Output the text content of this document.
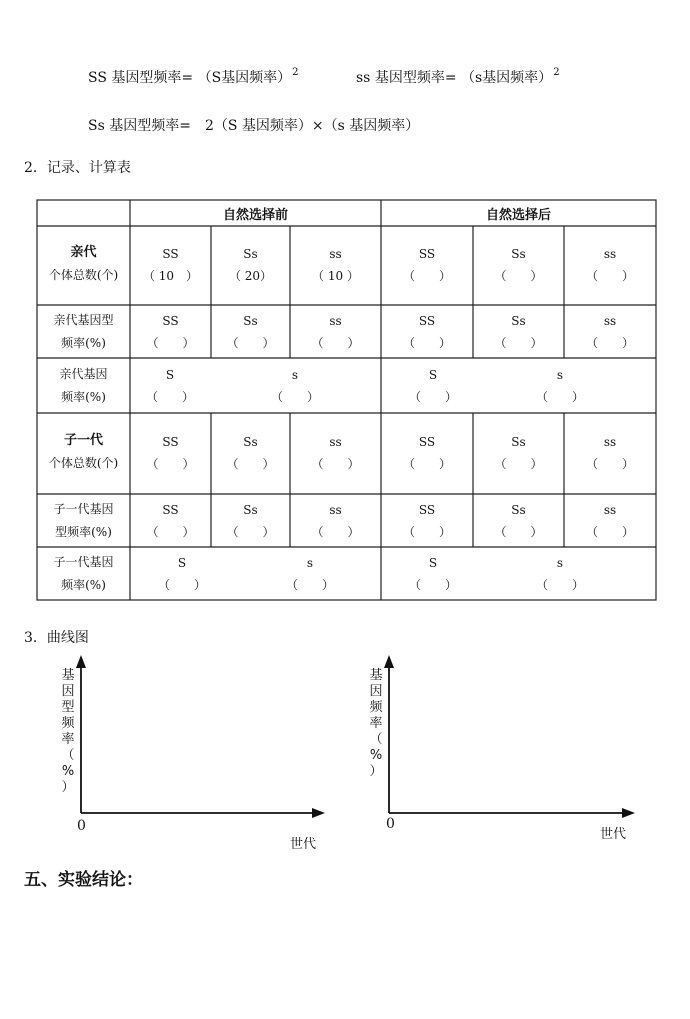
SS 基因型频率= （S基因频率）$^2$	ss 基因型频率= （s基因频率）$^2$
Ss 基因型频率=　2（S 基因频率）×（s 基因频率）
2．记录、计算表
自然选择前	自然选择后
亲代
个体总数(个)
SS
（ 10　）
Ss
（ 20）
ss
（ 10 ）
SS
（　　）
Ss
（　　）
ss
（　　）
亲代基因型
频率(%)
SS
（　　）
Ss
（　　）
ss
（　　）
SS
（　　）
Ss
（　　）
ss
（　　）
亲代基因
频率(%)
S
（　　）
s
（　　）
S
（　　）
s
（　　）
子一代
个体总数(个)
SS
（　　）
Ss
（　　）
ss
（　　）
SS
（　　）
Ss
（　　）
ss
（　　）
子一代基因
型频率(%)
SS
（　　）
Ss
（　　）
ss
（　　）
SS
（　　）
Ss
（　　）
ss
（　　）
子一代基因
频率(%)
S
（　　）
s
（　　）
S
（　　）
s
（　　）
3．曲线图
基
因
型
频
率
（
%
）
0
世代
基
因
频
率
（
%
）
0
世代
五、实验结论：
